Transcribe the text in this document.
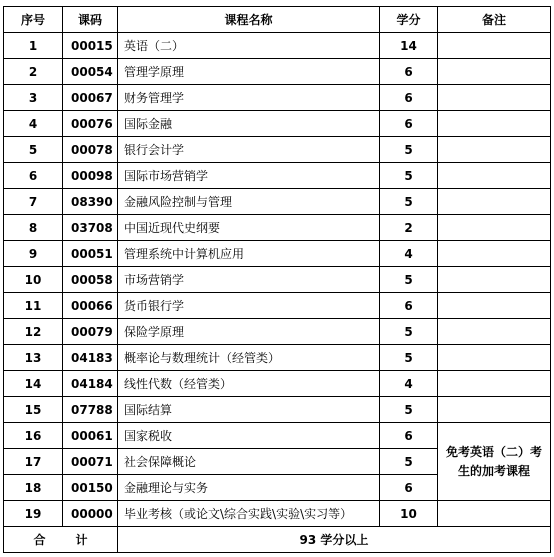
序号	课码	课程名称	学分	备注
1	00015	英语（二）	14	
2	00054	管理学原理	6	
3	00067	财务管理学	6	
4	00076	国际金融	6	
5	00078	银行会计学	5	
6	00098	国际市场营销学	5	
7	08390	金融风险控制与管理	5	
8	03708	中国近现代史纲要	2	
9	00051	管理系统中计算机应用	4	
10	00058	市场营销学	5	
11	00066	货币银行学	6	
12	00079	保险学原理	5	
13	04183	概率论与数理统计（经管类）	5	
14	04184	线性代数（经管类）	4	
15	07788	国际结算	5	
16	00061	国家税收	6	免考英语（二）考生的加考课程
17	00071	社会保障概论	5	
18	00150	金融理论与实务	6	
19	00000	毕业考核（或论文\综合实践\实验\实习等）	10	
合 计		93 学分以上		
